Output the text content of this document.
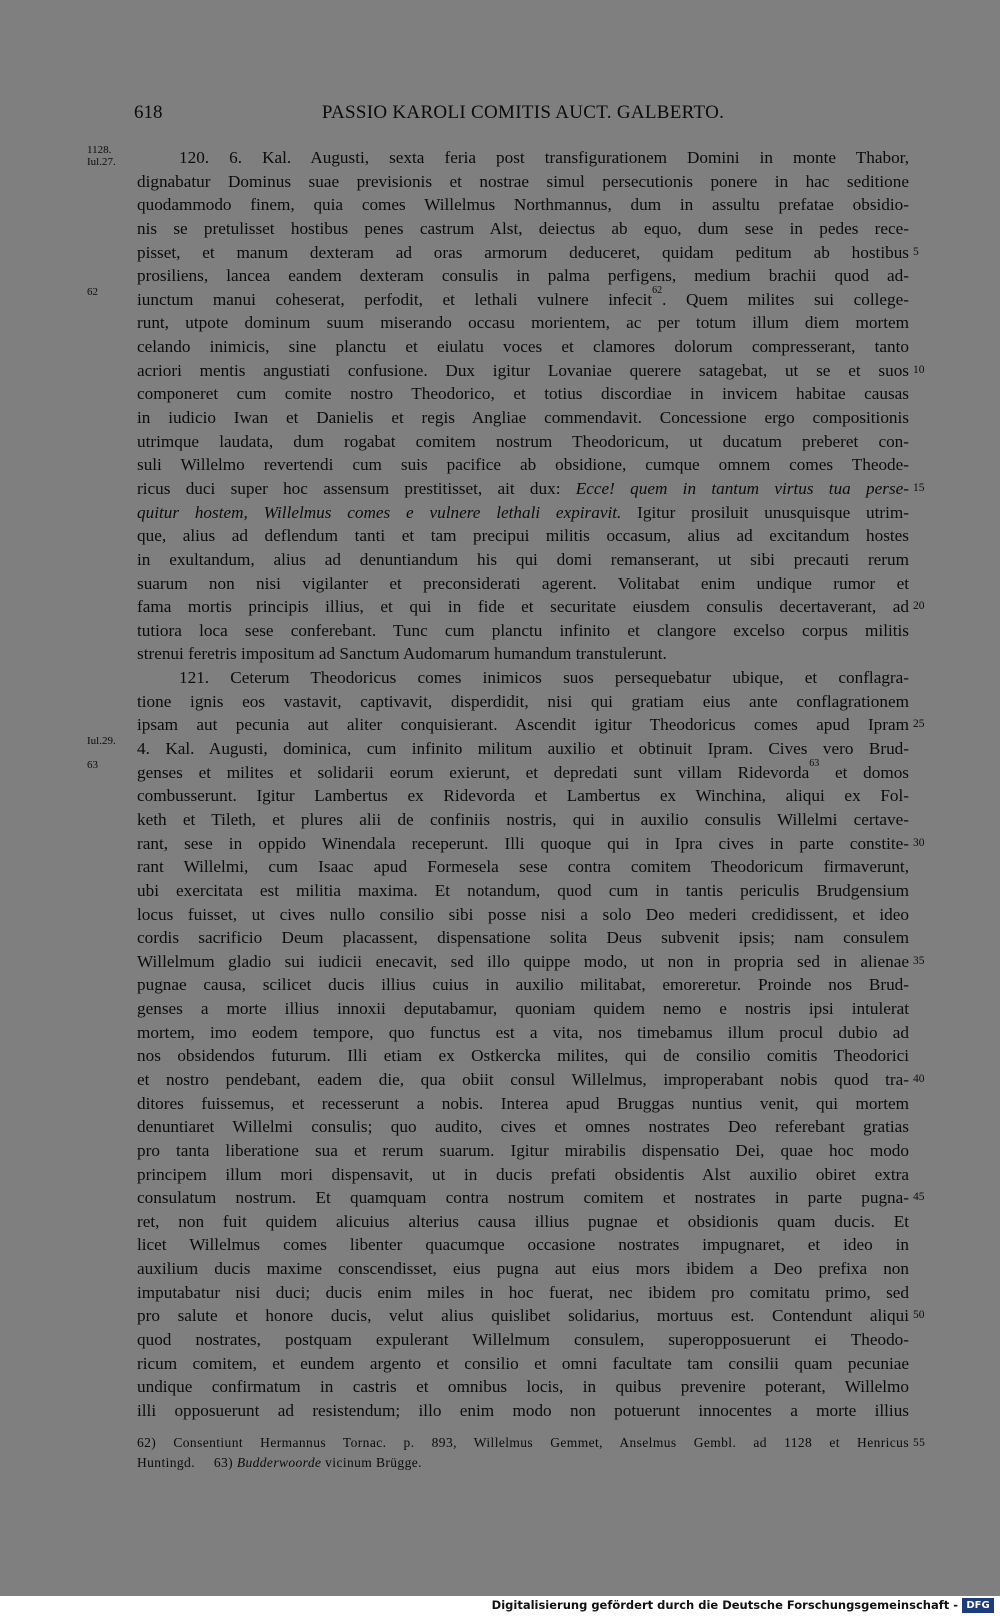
618	PASSIO KAROLI COMITIS AUCT. GALBERTO.
120. 6. Kal. Augusti, sexta feria post transfigurationem Domini in monte Thabor,
1128.
Iul.27.
dignabatur Dominus suae previsionis et nostrae simul persecutionis ponere in hac seditione
quodammodo finem, quia comes Willelmus Northmannus, dum in assultu prefatae obsidio-
nis se pretulisset hostibus penes castrum Alst, deiectus ab equo, dum sese in pedes rece-
pisset, et manum dexteram ad oras armorum deduceret, quidam peditum ab hostibus 5
prosiliens, lancea eandem dexteram consulis in palma perfigens, medium brachii quod ad-
iunctum manui coheserat, perfodit, et lethali vulnere infecit$^{62}$. Quem milites sui college-
62
runt, utpote dominum suum miserando occasu morientem, ac per totum illum diem mortem
celando inimicis, sine planctu et eiulatu voces et clamores dolorum compresserant, tanto
acriori mentis angustiati confusione. Dux igitur Lovaniae querere satagebat, ut se et suos 10
componeret cum comite nostro Theodorico, et totius discordiae in invicem habitae causas
in iudicio Iwan et Danielis et regis Angliae commendavit. Concessione ergo compositionis
utrimque laudata, dum rogabat comitem nostrum Theodoricum, ut ducatum preberet con-
suli Willelmo revertendi cum suis pacifice ab obsidione, cumque omnem comes Theode-
ricus duci super hoc assensum prestitisset, ait dux: Ecce! quem in tantum virtus tua perse- 15
quitur hostem, Willelmus comes e vulnere lethali expiravit. Igitur prosiluit unusquisque utrim-
que, alius ad deflendum tanti et tam precipui militis occasum, alius ad excitandum hostes
in exultandum, alius ad denuntiandum his qui domi remanserant, ut sibi precauti rerum
suarum non nisi vigilanter et preconsiderati agerent. Volitabat enim undique rumor et
fama mortis principis illius, et qui in fide et securitate eiusdem consulis decertaverant, ad 20
tutiora loca sese conferebant. Tunc cum planctu infinito et clangore excelso corpus militis
strenui feretris impositum ad Sanctum Audomarum humandum transtulerunt.
121. Ceterum Theodoricus comes inimicos suos persequebatur ubique, et conflagra-
tione ignis eos vastavit, captivavit, disperdidit, nisi qui gratiam eius ante conflagrationem
ipsam aut pecunia aut aliter conquisierant. Ascendit igitur Theodoricus comes apud Ipram 25
4. Kal. Augusti, dominica, cum infinito militum auxilio et obtinuit Ipram. Cives vero Brud-
Iul.29.
genses et milites et solidarii eorum exierunt, et depredati sunt villam Ridevorda$^{63}$ et domos
63
combusserunt. Igitur Lambertus ex Ridevorda et Lambertus ex Winchina, aliqui ex Fol-
keth et Tileth, et plures alii de confiniis nostris, qui in auxilio consulis Willelmi certave-
rant, sese in oppido Winendala receperunt. Illi quoque qui in Ipra cives in parte constite- 30
rant Willelmi, cum Isaac apud Formesela sese contra comitem Theodoricum firmaverunt,
ubi exercitata est militia maxima. Et notandum, quod cum in tantis periculis Brudgensium
locus fuisset, ut cives nullo consilio sibi posse nisi a solo Deo mederi credidissent, et ideo
cordis sacrificio Deum placassent, dispensatione solita Deus subvenit ipsis; nam consulem
Willelmum gladio sui iudicii enecavit, sed illo quippe modo, ut non in propria sed in alienae 35
pugnae causa, scilicet ducis illius cuius in auxilio militabat, emoreretur. Proinde nos Brud-
genses a morte illius innoxii deputabamur, quoniam quidem nemo e nostris ipsi intulerat
mortem, imo eodem tempore, quo functus est a vita, nos timebamus illum procul dubio ad
nos obsidendos futurum. Illi etiam ex Ostkercka milites, qui de consilio comitis Theodorici
et nostro pendebant, eadem die, qua obiit consul Willelmus, improperabant nobis quod tra- 40
ditores fuissemus, et recesserunt a nobis. Interea apud Bruggas nuntius venit, qui mortem
denuntiaret Willelmi consulis; quo audito, cives et omnes nostrates Deo referebant gratias
pro tanta liberatione sua et rerum suarum. Igitur mirabilis dispensatio Dei, quae hoc modo
principem illum mori dispensavit, ut in ducis prefati obsidentis Alst auxilio obiret extra
consulatum nostrum. Et quamquam contra nostrum comitem et nostrates in parte pugna- 45
ret, non fuit quidem alicuius alterius causa illius pugnae et obsidionis quam ducis. Et
licet Willelmus comes libenter quacumque occasione nostrates impugnaret, et ideo in
auxilium ducis maxime conscendisset, eius pugna aut eius mors ibidem a Deo prefixa non
imputabatur nisi duci; ducis enim miles in hoc fuerat, nec ibidem pro comitatu primo, sed
pro salute et honore ducis, velut alius quislibet solidarius, mortuus est. Contendunt aliqui 50
quod nostrates, postquam expulerant Willelmum consulem, superopposuerunt ei Theodo-
ricum comitem, et eundem argento et consilio et omni facultate tam consilii quam pecuniae
undique confirmatum in castris et omnibus locis, in quibus prevenire poterant, Willelmo
illi opposuerunt ad resistendum; illo enim modo non potuerunt innocentes a morte illius
62) Consentiunt Hermannus Tornac. p. 893, Willelmus Gemmet, Anselmus Gembl. ad 1128 et Henricus 55
Huntingd.     63) Budderwoorde vicinum Brügge.
Digitalisierung gefördert durch die Deutsche Forschungsgemeinschaft - DFG
